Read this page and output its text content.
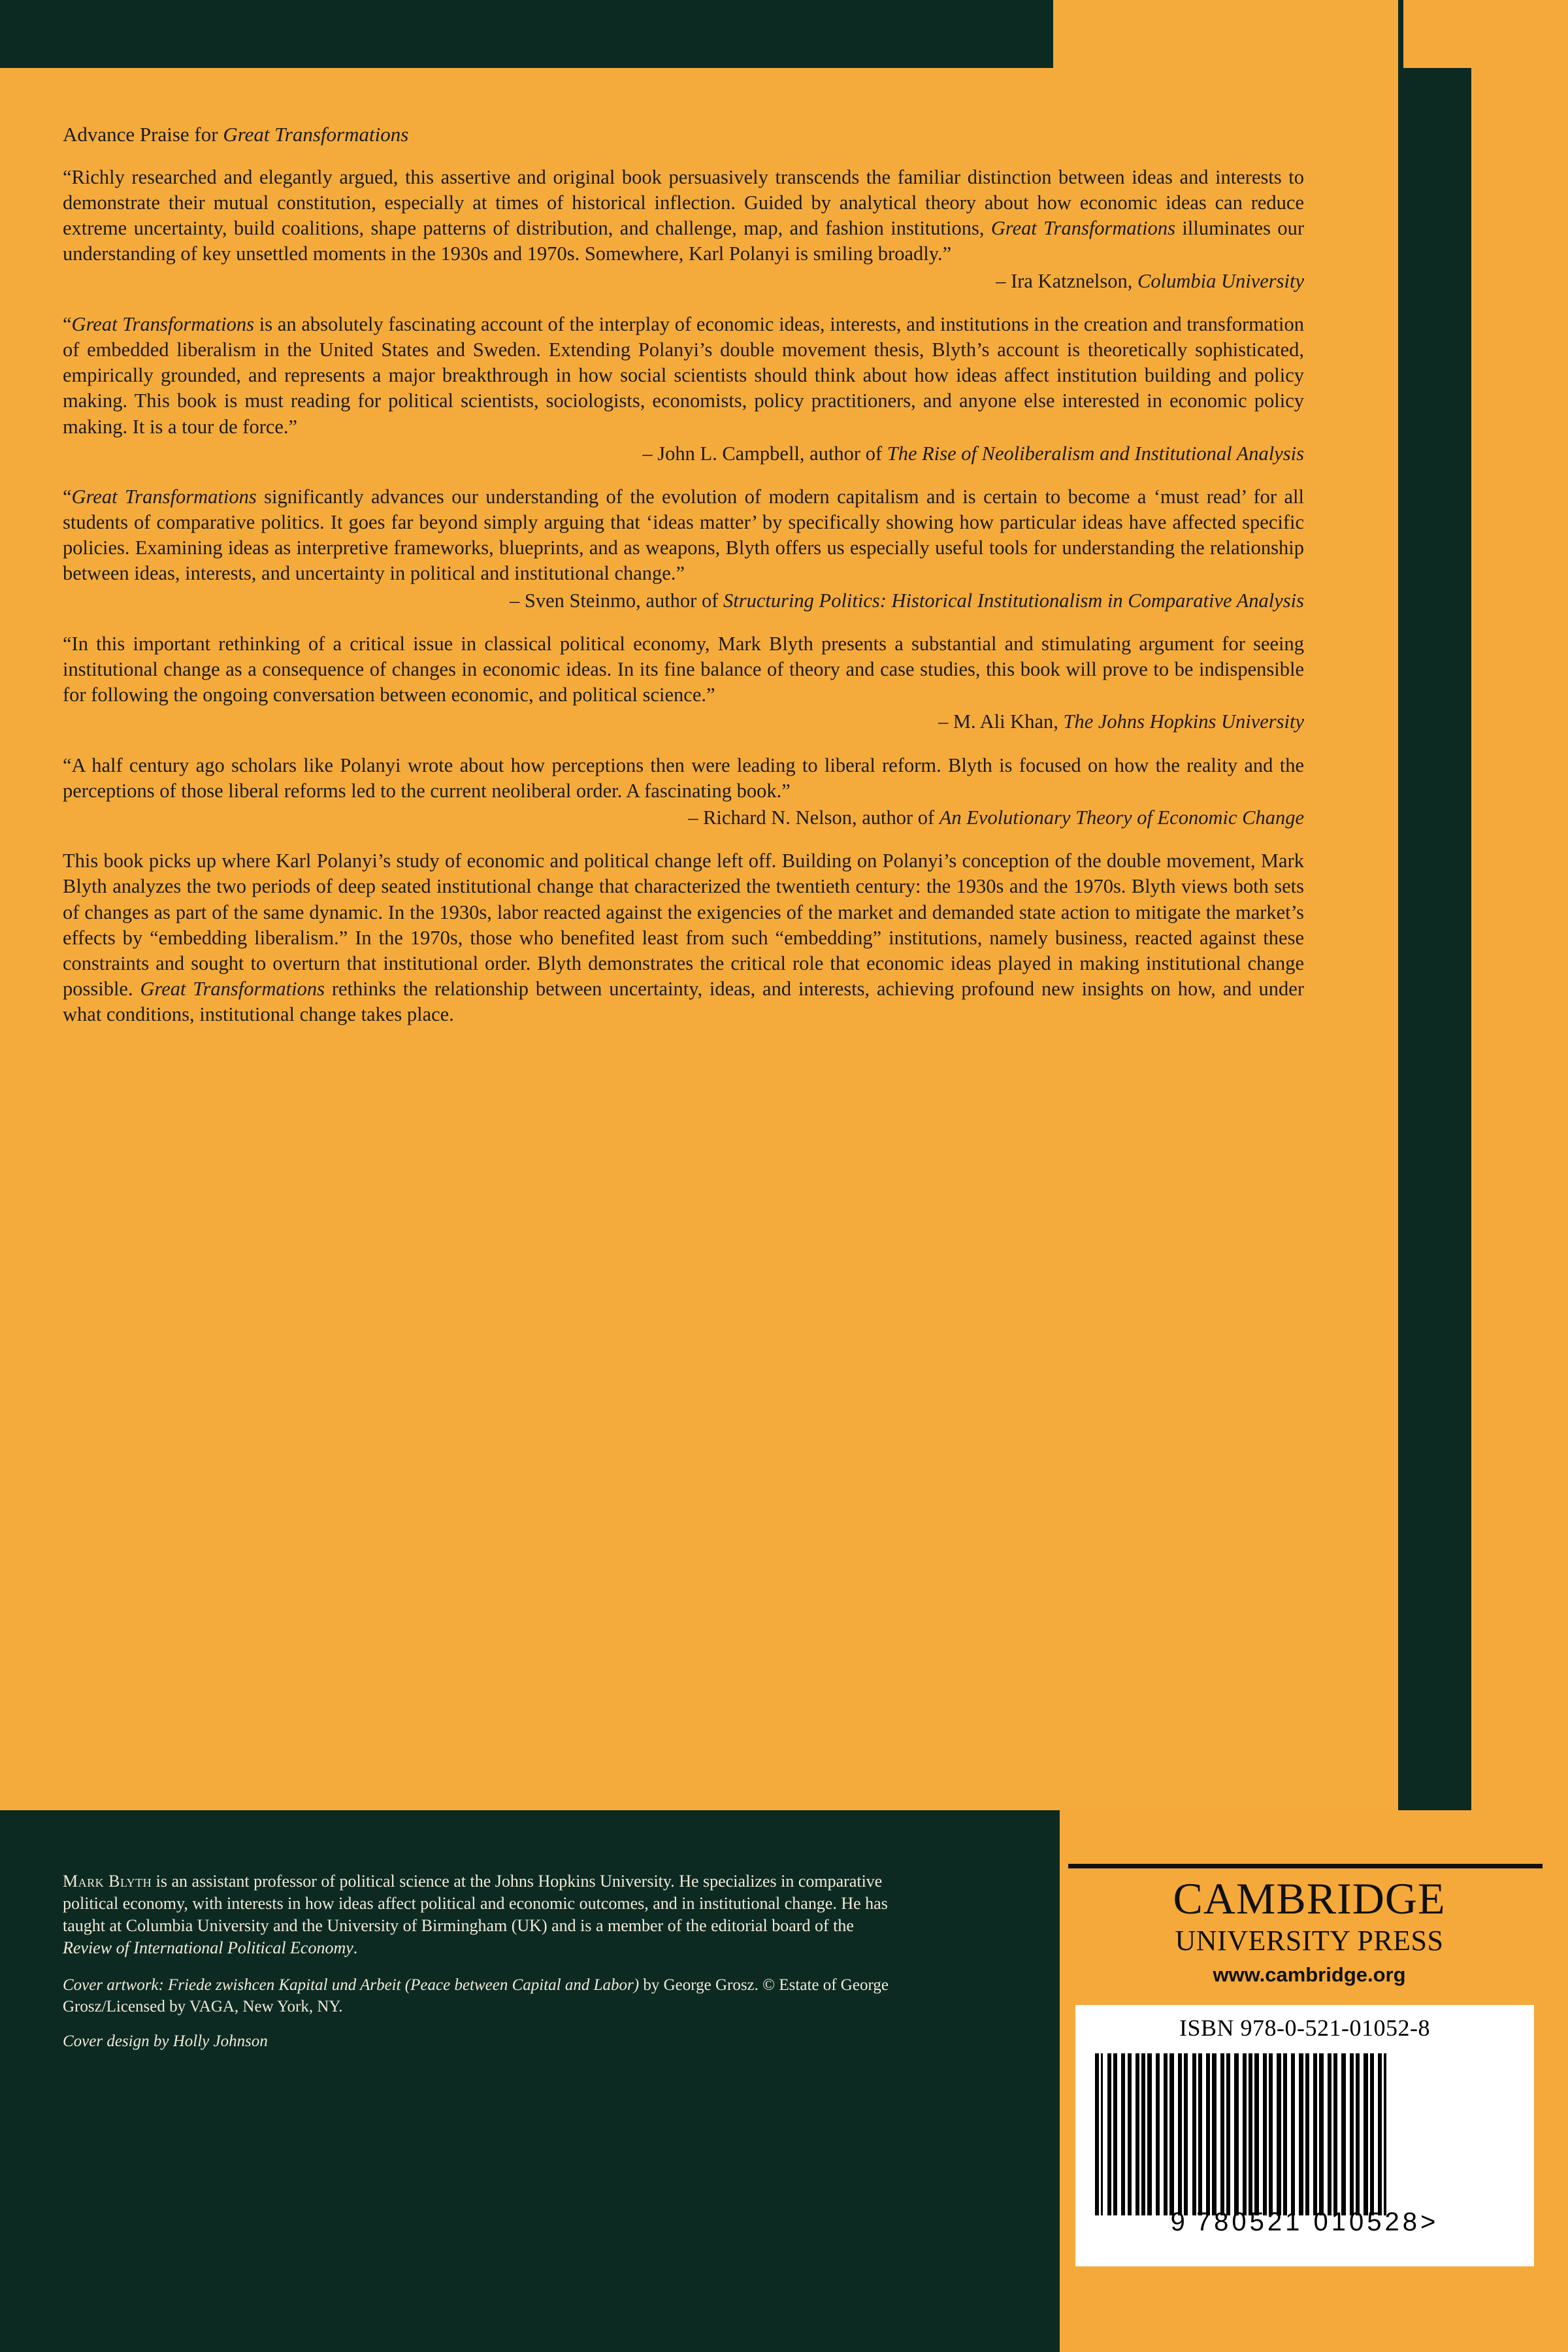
Advance Praise for Great Transformations

“Richly researched and elegantly argued, this assertive and original book persuasively transcends the familiar distinction between ideas and interests to demonstrate their mutual constitution, especially at times of historical inflection. Guided by analytical theory about how economic ideas can reduce extreme uncertainty, build coalitions, shape patterns of distribution, and challenge, map, and fashion institutions, Great Transformations illuminates our understanding of key unsettled moments in the 1930s and 1970s. Somewhere, Karl Polanyi is smiling broadly.”
– Ira Katznelson, Columbia University

“Great Transformations is an absolutely fascinating account of the interplay of economic ideas, interests, and institutions in the creation and transformation of embedded liberalism in the United States and Sweden. Extending Polanyi’s double movement thesis, Blyth’s account is theoretically sophisticated, empirically grounded, and represents a major breakthrough in how social scientists should think about how ideas affect institution building and policy making. This book is must reading for political scientists, sociologists, economists, policy practitioners, and anyone else interested in economic policy making. It is a tour de force.”
– John L. Campbell, author of The Rise of Neoliberalism and Institutional Analysis

“Great Transformations significantly advances our understanding of the evolution of modern capitalism and is certain to become a ‘must read’ for all students of comparative politics. It goes far beyond simply arguing that ‘ideas matter’ by specifically showing how particular ideas have affected specific policies. Examining ideas as interpretive frameworks, blueprints, and as weapons, Blyth offers us especially useful tools for understanding the relationship between ideas, interests, and uncertainty in political and institutional change.”
– Sven Steinmo, author of Structuring Politics: Historical Institutionalism in Comparative Analysis

“In this important rethinking of a critical issue in classical political economy, Mark Blyth presents a substantial and stimulating argument for seeing institutional change as a consequence of changes in economic ideas. In its fine balance of theory and case studies, this book will prove to be indispensible for following the ongoing conversation between economic, and political science.”
– M. Ali Khan, The Johns Hopkins University

“A half century ago scholars like Polanyi wrote about how perceptions then were leading to liberal reform. Blyth is focused on how the reality and the perceptions of those liberal reforms led to the current neoliberal order. A fascinating book.”
– Richard N. Nelson, author of An Evolutionary Theory of Economic Change

This book picks up where Karl Polanyi’s study of economic and political change left off. Building on Polanyi’s conception of the double movement, Mark Blyth analyzes the two periods of deep seated institutional change that characterized the twentieth century: the 1930s and the 1970s. Blyth views both sets of changes as part of the same dynamic. In the 1930s, labor reacted against the exigencies of the market and demanded state action to mitigate the market’s effects by “embedding liberalism.” In the 1970s, those who benefited least from such “embedding” institutions, namely business, reacted against these constraints and sought to overturn that institutional order. Blyth demonstrates the critical role that economic ideas played in making institutional change possible. Great Transformations rethinks the relationship between uncertainty, ideas, and interests, achieving profound new insights on how, and under what conditions, institutional change takes place.

Mark Blyth is an assistant professor of political science at the Johns Hopkins University. He specializes in comparative political economy, with interests in how ideas affect political and economic outcomes, and in institutional change. He has taught at Columbia University and the University of Birmingham (UK) and is a member of the editorial board of the Review of International Political Economy.

Cover artwork: Friede zwishcen Kapital und Arbeit (Peace between Capital and Labor) by George Grosz. © Estate of George Grosz/Licensed by VAGA, New York, NY.

Cover design by Holly Johnson

CAMBRIDGE
UNIVERSITY PRESS
www.cambridge.org
ISBN 978-0-521-01052-8
9 780521 010528>
